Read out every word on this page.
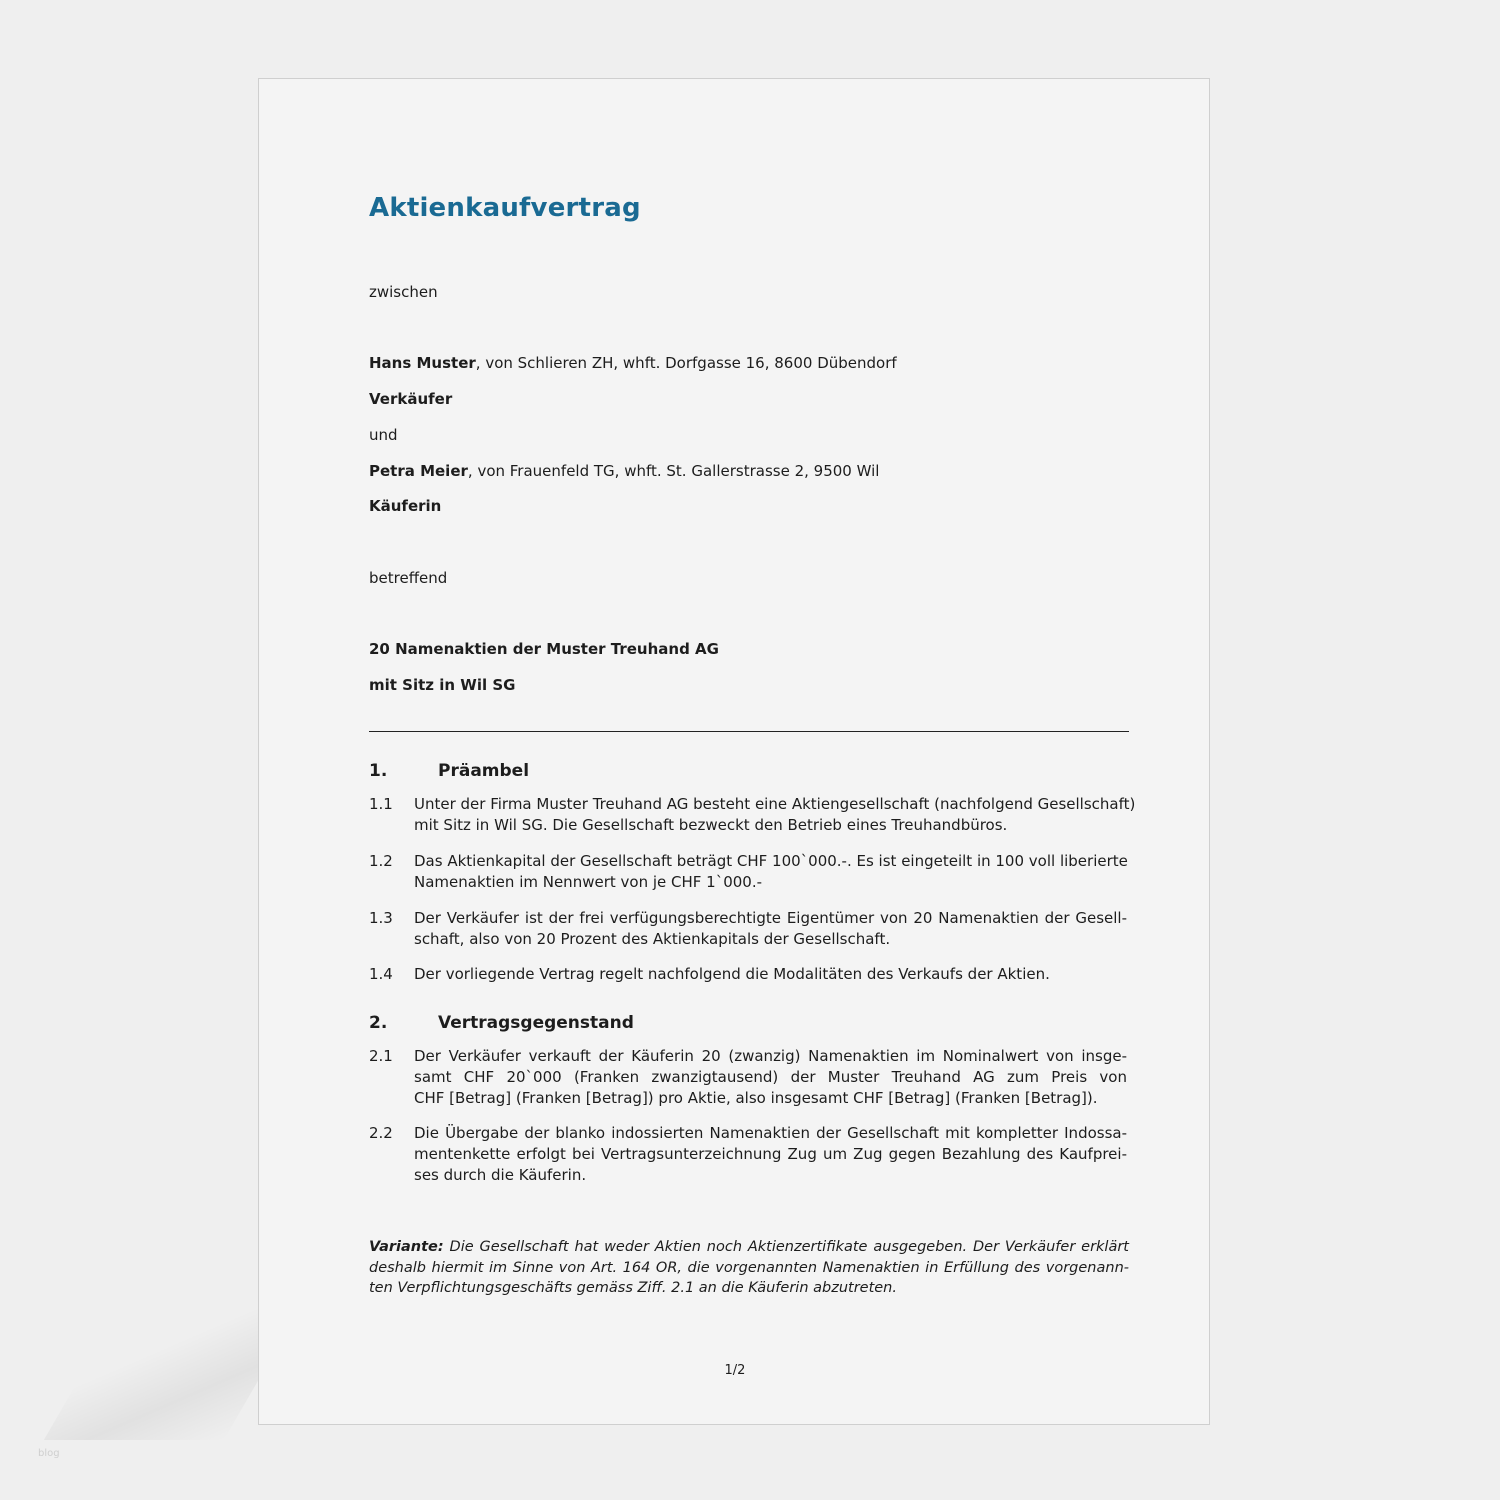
Aktienkaufvertrag
zwischen
Hans Muster, von Schlieren ZH, whft. Dorfgasse 16, 8600 Dübendorf
Verkäufer
und
Petra Meier, von Frauenfeld TG, whft. St. Gallerstrasse 2, 9500 Wil
Käuferin
betreffend
20 Namenaktien der Muster Treuhand AG
mit Sitz in Wil SG
1.	Präambel
1.1 Unter der Firma Muster Treuhand AG besteht eine Aktiengesellschaft (nachfolgend Gesellschaft)
mit Sitz in Wil SG. Die Gesellschaft bezweckt den Betrieb eines Treuhandbüros.
1.2 Das Aktienkapital der Gesellschaft beträgt CHF 100`000.-. Es ist eingeteilt in 100 voll liberierte
Namenaktien im Nennwert von je CHF 1`000.-
1.3 Der Verkäufer ist der frei verfügungsberechtigte Eigentümer von 20 Namenaktien der Gesell-
schaft, also von 20 Prozent des Aktienkapitals der Gesellschaft.
1.4 Der vorliegende Vertrag regelt nachfolgend die Modalitäten des Verkaufs der Aktien.
2.	Vertragsgegenstand
2.1 Der Verkäufer verkauft der Käuferin 20 (zwanzig) Namenaktien im Nominalwert von insge-
samt CHF 20`000 (Franken zwanzigtausend) der Muster Treuhand AG zum Preis von
CHF [Betrag] (Franken [Betrag]) pro Aktie, also insgesamt CHF [Betrag] (Franken [Betrag]).
2.2 Die Übergabe der blanko indossierten Namenaktien der Gesellschaft mit kompletter Indossa-
mentenkette erfolgt bei Vertragsunterzeichnung Zug um Zug gegen Bezahlung des Kaufprei-
ses durch die Käuferin.
Variante: Die Gesellschaft hat weder Aktien noch Aktienzertifikate ausgegeben. Der Verkäufer erklärt
deshalb hiermit im Sinne von Art. 164 OR, die vorgenannten Namenaktien in Erfüllung des vorgenann-
ten Verpflichtungsgeschäfts gemäss Ziff. 2.1 an die Käuferin abzutreten.
1/2
blog
